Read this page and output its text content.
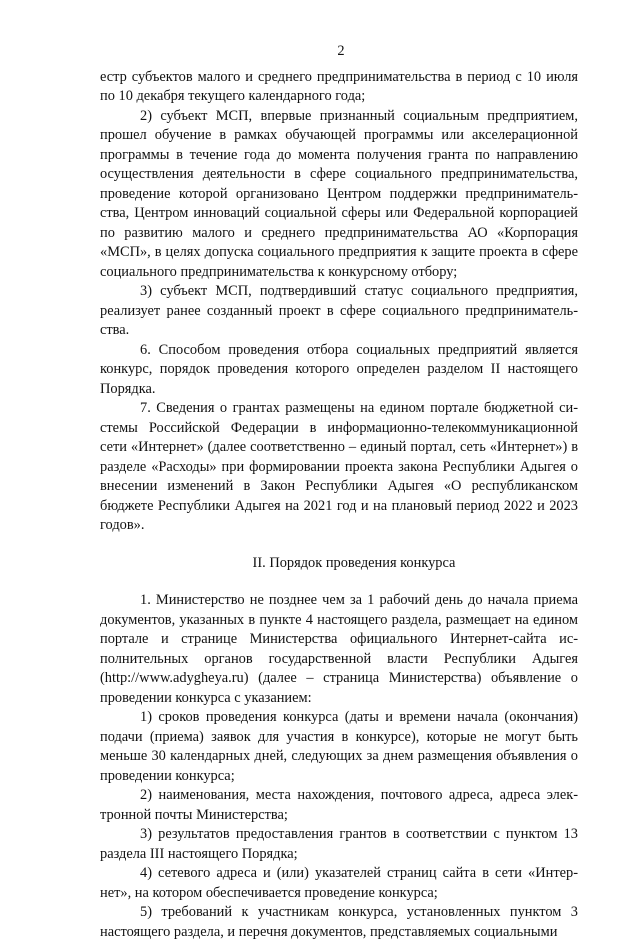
2

естр субъектов малого и среднего предпринимательства в период с 10 июля по 10 декабря текущего календарного года;

2) субъект МСП, впервые признанный социальным предприятием, прошел обучение в рамках обучающей программы или акселерационной программы в течение года до момента получения гранта по направлению осуществления деятельности в сфере социального предпринимательства, проведение которой организовано Центром поддержки предпринимательства, Центром инноваций социальной сферы или Федеральной корпорацией по развитию малого и среднего предпринимательства АО «Корпорация «МСП», в целях допуска социального предприятия к защите проекта в сфере социального предпринимательства к конкурсному отбору;

3) субъект МСП, подтвердивший статус социального предприятия, реализует ранее созданный проект в сфере социального предпринимательства.

6. Способом проведения отбора социальных предприятий является конкурс, порядок проведения которого определен разделом II настоящего Порядка.

7. Сведения о грантах размещены на едином портале бюджетной системы Российской Федерации в информационно-телекоммуникационной сети «Интернет» (далее соответственно – единый портал, сеть «Интернет») в разделе «Расходы» при формировании проекта закона Республики Адыгея о внесении изменений в Закон Республики Адыгея «О республиканском бюджете Республики Адыгея на 2021 год и на плановый период 2022 и 2023 годов».

II. Порядок проведения конкурса

1. Министерство не позднее чем за 1 рабочий день до начала приема документов, указанных в пункте 4 настоящего раздела, размещает на едином портале и странице Министерства официального Интернет-сайта исполнительных органов государственной власти Республики Адыгея (http://www.adygheya.ru) (далее – страница Министерства) объявление о проведении конкурса с указанием:

1) сроков проведения конкурса (даты и времени начала (окончания) подачи (приема) заявок для участия в конкурсе), которые не могут быть меньше 30 календарных дней, следующих за днем размещения объявления о проведении конкурса;

2) наименования, места нахождения, почтового адреса, адреса электронной почты Министерства;

3) результатов предоставления грантов в соответствии с пунктом 13 раздела III настоящего Порядка;

4) сетевого адреса и (или) указателей страниц сайта в сети «Интернет», на котором обеспечивается проведение конкурса;

5) требований к участникам конкурса, установленных пунктом 3 настоящего раздела, и перечня документов, представляемых социальными
